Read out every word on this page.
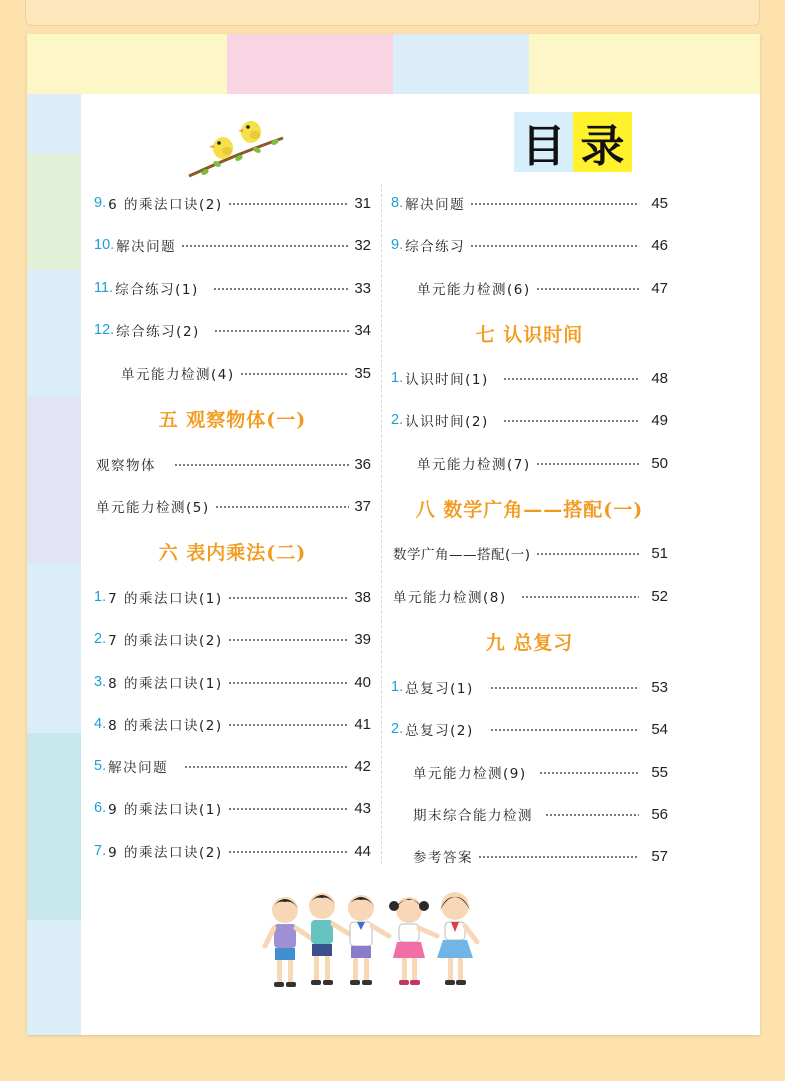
目 录
9. 6 的乘法口诀(2)	31
10. 解决问题	32
11. 综合练习(1)	33
12. 综合练习(2)	34
单元能力检测(4)	35
五 观察物体(一)
观察物体	36
单元能力检测(5)	37
六 表内乘法(二)
1. 7 的乘法口诀(1)	38
2. 7 的乘法口诀(2)	39
3. 8 的乘法口诀(1)	40
4. 8 的乘法口诀(2)	41
5. 解决问题	42
6. 9 的乘法口诀(1)	43
7. 9 的乘法口诀(2)	44
8. 解决问题	45
9. 综合练习	46
单元能力检测(6)	47
七 认识时间
1. 认识时间(1)	48
2. 认识时间(2)	49
单元能力检测(7)	50
八 数学广角——搭配(一)
数学广角——搭配(一)	51
单元能力检测(8)	52
九 总复习
1. 总复习(1)	53
2. 总复习(2)	54
单元能力检测(9)	55
期末综合能力检测	56
参考答案	57
